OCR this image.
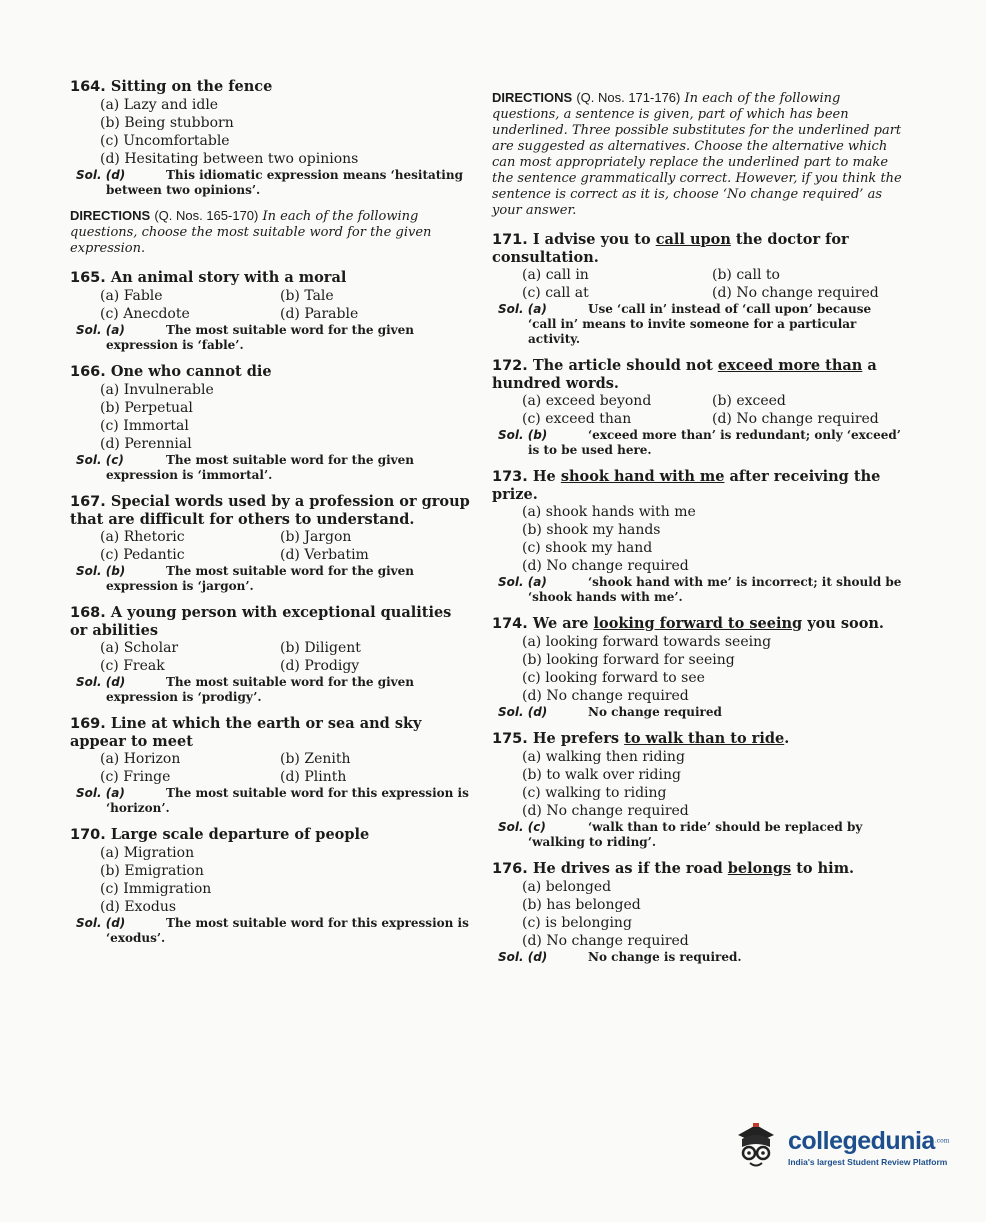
164. Sitting on the fence
(a) Lazy and idle
(b) Being stubborn
(c) Uncomfortable
(d) Hesitating between two opinions
Sol. (d)	This idiomatic expression means ‘hesitating between two opinions’.
DIRECTIONS (Q. Nos. 165-170) In each of the following questions, choose the most suitable word for the given expression.
165. An animal story with a moral
(a) Fable	(b) Tale
(c) Anecdote	(d) Parable
Sol. (a)	The most suitable word for the given expression is ‘fable’.
166. One who cannot die
(a) Invulnerable
(b) Perpetual
(c) Immortal
(d) Perennial
Sol. (c)	The most suitable word for the given expression is ‘immortal’.
167. Special words used by a profession or group that are difficult for others to understand.
(a) Rhetoric	(b) Jargon
(c) Pedantic	(d) Verbatim
Sol. (b)	The most suitable word for the given expression is ‘jargon’.
168. A young person with exceptional qualities or abilities
(a) Scholar	(b) Diligent
(c) Freak	(d) Prodigy
Sol. (d)	The most suitable word for the given expression is ‘prodigy’.
169. Line at which the earth or sea and sky appear to meet
(a) Horizon	(b) Zenith
(c) Fringe	(d) Plinth
Sol. (a)	The most suitable word for this expression is ‘horizon’.
170. Large scale departure of people
(a) Migration
(b) Emigration
(c) Immigration
(d) Exodus
Sol. (d)	The most suitable word for this expression is ‘exodus’.
DIRECTIONS (Q. Nos. 171-176) In each of the following questions, a sentence is given, part of which has been underlined. Three possible substitutes for the underlined part are suggested as alternatives. Choose the alternative which can most appropriately replace the underlined part to make the sentence grammatically correct. However, if you think the sentence is correct as it is, choose ‘No change required’ as your answer.
171. I advise you to call upon the doctor for consultation.
(a) call in	(b) call to
(c) call at	(d) No change required
Sol. (a)	Use ‘call in’ instead of ‘call upon’ because ‘call in’ means to invite someone for a particular activity.
172. The article should not exceed more than a hundred words.
(a) exceed beyond	(b) exceed
(c) exceed than	(d) No change required
Sol. (b)	‘exceed more than’ is redundant; only ‘exceed’ is to be used here.
173. He shook hand with me after receiving the prize.
(a) shook hands with me
(b) shook my hands
(c) shook my hand
(d) No change required
Sol. (a)	‘shook hand with me’ is incorrect; it should be ‘shook hands with me’.
174. We are looking forward to seeing you soon.
(a) looking forward towards seeing
(b) looking forward for seeing
(c) looking forward to see
(d) No change required
Sol. (d)	No change required
175. He prefers to walk than to ride.
(a) walking then riding
(b) to walk over riding
(c) walking to riding
(d) No change required
Sol. (c)	‘walk than to ride’ should be replaced by ‘walking to riding’.
176. He drives as if the road belongs to him.
(a) belonged
(b) has belonged
(c) is belonging
(d) No change required
Sol. (d)	No change is required.
collegedunia$^{.com}$
India's largest Student Review Platform
